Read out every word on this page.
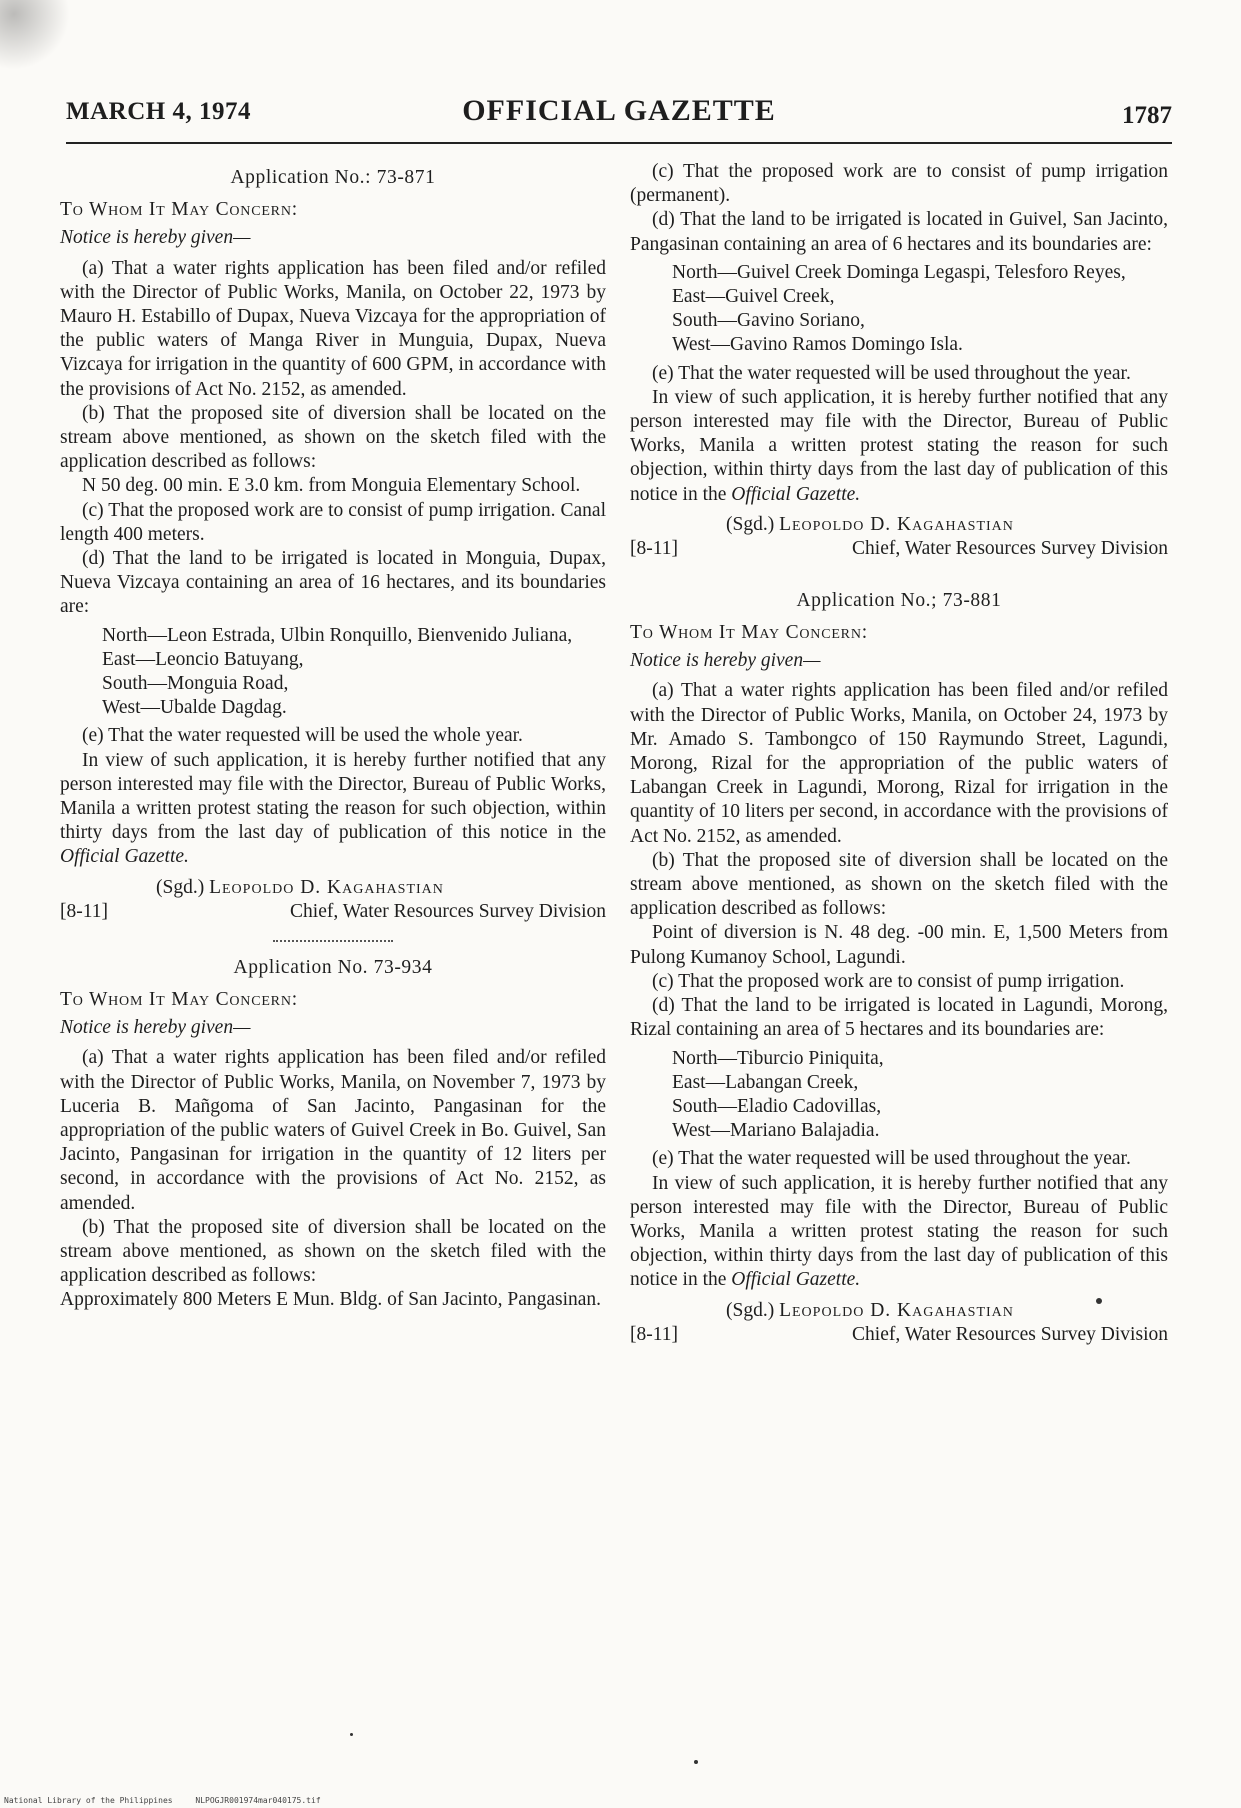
MARCH 4, 1974	OFFICIAL GAZETTE	1787
Application No.: 73-871
To Whom It May Concern:
Notice is hereby given—

(a) That a water rights application has been filed and/or refiled with the Director of Public Works, Manila, on October 22, 1973 by Mauro H. Estabillo of Dupax, Nueva Vizcaya for the appropriation of the public waters of Manga River in Munguia, Dupax, Nueva Vizcaya for irrigation in the quantity of 600 GPM, in accordance with the provisions of Act No. 2152, as amended.

(b) That the proposed site of diversion shall be located on the stream above mentioned, as shown on the sketch filed with the application described as follows:

N 50 deg. 00 min. E 3.0 km. from Monguia Elementary School.

(c) That the proposed work are to consist of pump irrigation. Canal length 400 meters.

(d) That the land to be irrigated is located in Monguia, Dupax, Nueva Vizcaya containing an area of 16 hectares, and its boundaries are:

North—Leon Estrada, Ulbin Ronquillo, Bienvenido Juliana,
East—Leoncio Batuyang,
South—Monguia Road,
West—Ubalde Dagdag.

(e) That the water requested will be used the whole year.

In view of such application, it is hereby further notified that any person interested may file with the Director, Bureau of Public Works, Manila a written protest stating the reason for such objection, within thirty days from the last day of publication of this notice in the Official Gazette.

(Sgd.) Leopoldo D. Kagahastian
[8-11]	Chief, Water Resources Survey Division
Application No. 73-934
To Whom It May Concern:
Notice is hereby given—

(a) That a water rights application has been filed and/or refiled with the Director of Public Works, Manila, on November 7, 1973 by Luceria B. Mañgoma of San Jacinto, Pangasinan for the appropriation of the public waters of Guivel Creek in Bo. Guivel, San Jacinto, Pangasinan for irrigation in the quantity of 12 liters per second, in accordance with the provisions of Act No. 2152, as amended.

(b) That the proposed site of diversion shall be located on the stream above mentioned, as shown on the sketch filed with the application described as follows:

Approximately 800 Meters E Mun. Bldg. of San Jacinto, Pangasinan.

(c) That the proposed work are to consist of pump irrigation (permanent).

(d) That the land to be irrigated is located in Guivel, San Jacinto, Pangasinan containing an area of 6 hectares and its boundaries are:

North—Guivel Creek Dominga Legaspi, Telesforo Reyes,
East—Guivel Creek,
South—Gavino Soriano,
West—Gavino Ramos Domingo Isla.

(e) That the water requested will be used throughout the year.

In view of such application, it is hereby further notified that any person interested may file with the Director, Bureau of Public Works, Manila a written protest stating the reason for such objection, within thirty days from the last day of publication of this notice in the Official Gazette.

(Sgd.) Leopoldo D. Kagahastian
[8-11]	Chief, Water Resources Survey Division
Application No.; 73-881
To Whom It May Concern:
Notice is hereby given—

(a) That a water rights application has been filed and/or refiled with the Director of Public Works, Manila, on October 24, 1973 by Mr. Amado S. Tambongco of 150 Raymundo Street, Lagundi, Morong, Rizal for the appropriation of the public waters of Labangan Creek in Lagundi, Morong, Rizal for irrigation in the quantity of 10 liters per second, in accordance with the provisions of Act No. 2152, as amended.

(b) That the proposed site of diversion shall be located on the stream above mentioned, as shown on the sketch filed with the application described as follows:

Point of diversion is N. 48 deg. -00 min. E, 1,500 Meters from Pulong Kumanoy School, Lagundi.

(c) That the proposed work are to consist of pump irrigation.

(d) That the land to be irrigated is located in Lagundi, Morong, Rizal containing an area of 5 hectares and its boundaries are:

North—Tiburcio Piniquita,
East—Labangan Creek,
South—Eladio Cadovillas,
West—Mariano Balajadia.

(e) That the water requested will be used throughout the year.

In view of such application, it is hereby further notified that any person interested may file with the Director, Bureau of Public Works, Manila a written protest stating the reason for such objection, within thirty days from the last day of publication of this notice in the Official Gazette.

(Sgd.) Leopoldo D. Kagahastian
[8-11]	Chief, Water Resources Survey Division
National Library of the Philippines	NLPOGJR001974mar040175.tif
